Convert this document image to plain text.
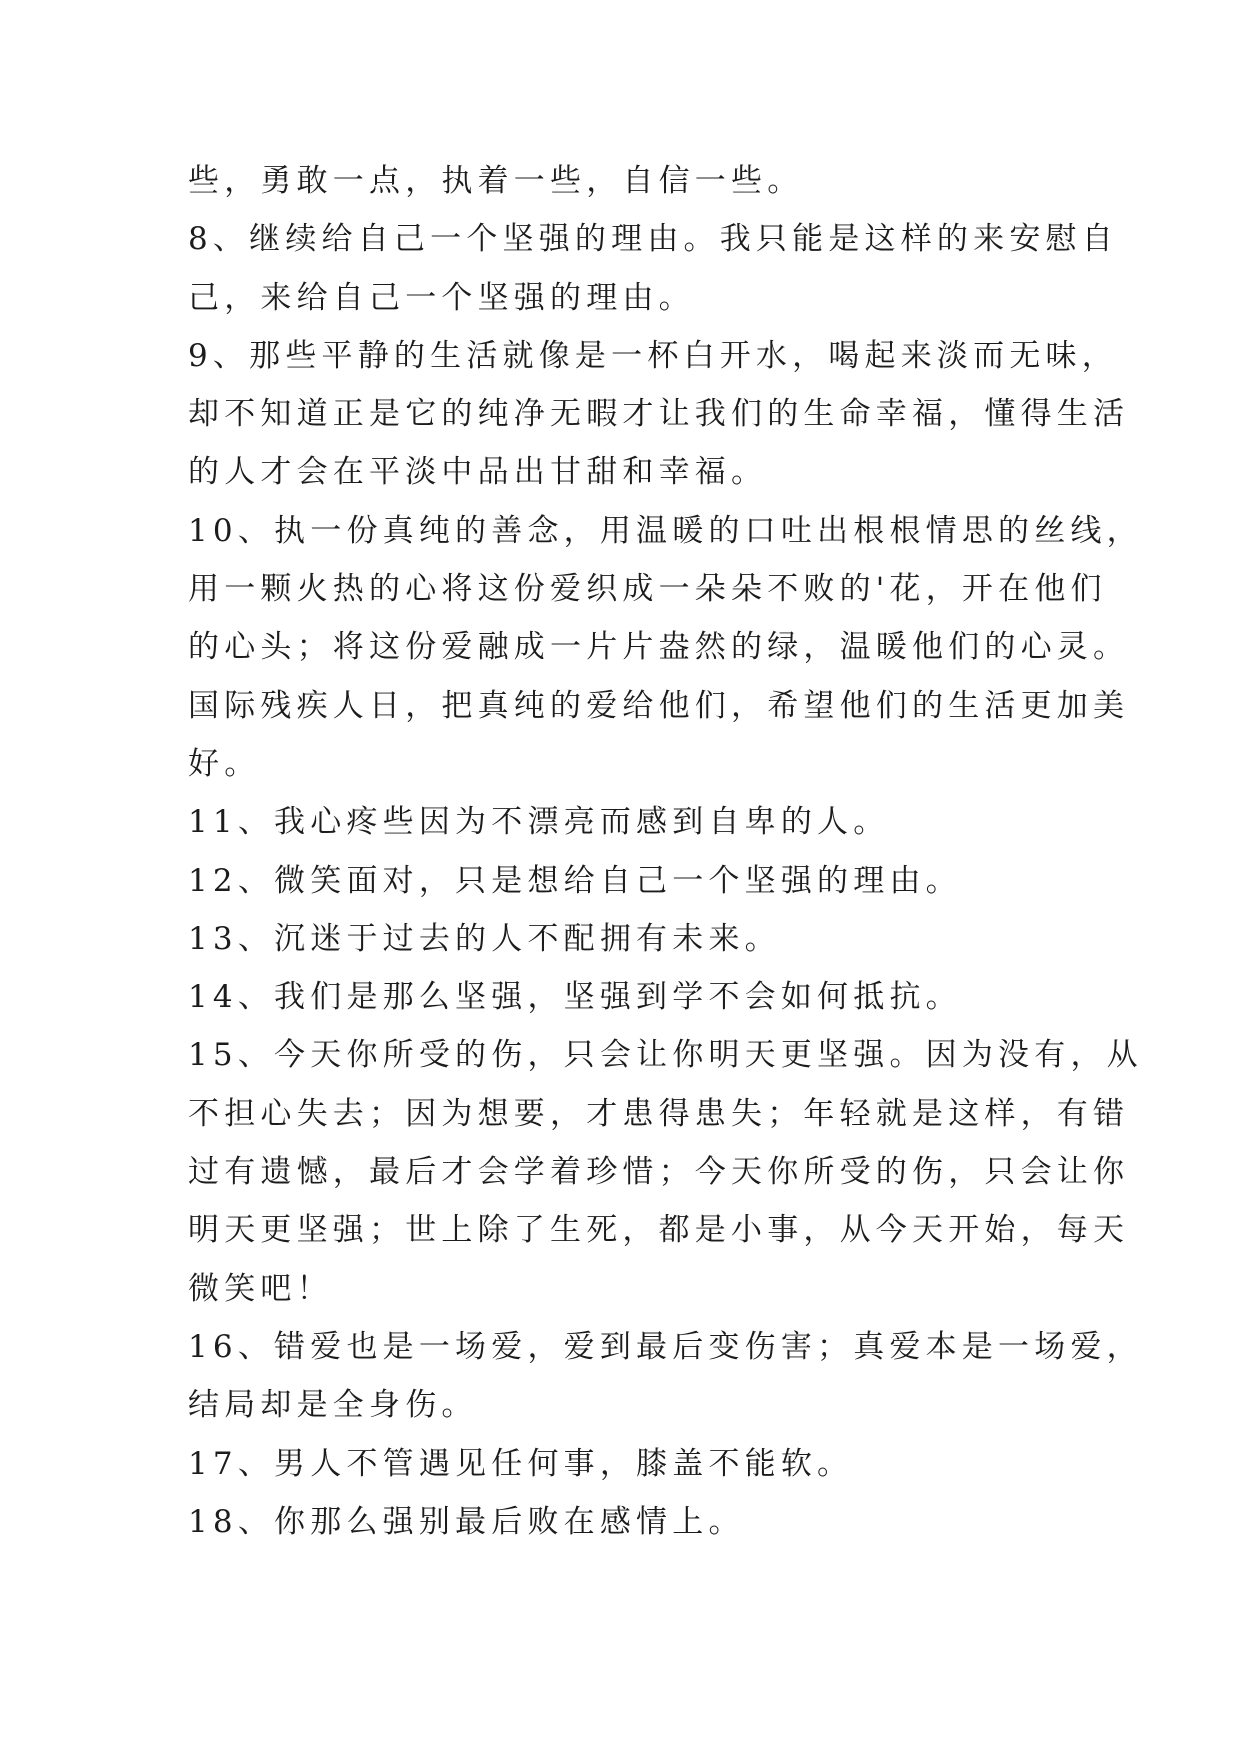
些，勇敢一点，执着一些，自信一些。
8、继续给自己一个坚强的理由。我只能是这样的来安慰自
己，来给自己一个坚强的理由。
9、那些平静的生活就像是一杯白开水，喝起来淡而无味，
却不知道正是它的纯净无暇才让我们的生命幸福，懂得生活
的人才会在平淡中品出甘甜和幸福。
10、执一份真纯的善念，用温暖的口吐出根根情思的丝线，
用一颗火热的心将这份爱织成一朵朵不败的'花，开在他们
的心头；将这份爱融成一片片盎然的绿，温暖他们的心灵。
国际残疾人日，把真纯的爱给他们，希望他们的生活更加美
好。
11、我心疼些因为不漂亮而感到自卑的人。
12、微笑面对，只是想给自己一个坚强的理由。
13、沉迷于过去的人不配拥有未来。
14、我们是那么坚强，坚强到学不会如何抵抗。
15、今天你所受的伤，只会让你明天更坚强。因为没有，从
不担心失去；因为想要，才患得患失；年轻就是这样，有错
过有遗憾，最后才会学着珍惜；今天你所受的伤，只会让你
明天更坚强；世上除了生死，都是小事，从今天开始，每天
微笑吧！
16、错爱也是一场爱，爱到最后变伤害；真爱本是一场爱，
结局却是全身伤。
17、男人不管遇见任何事，膝盖不能软。
18、你那么强别最后败在感情上。
